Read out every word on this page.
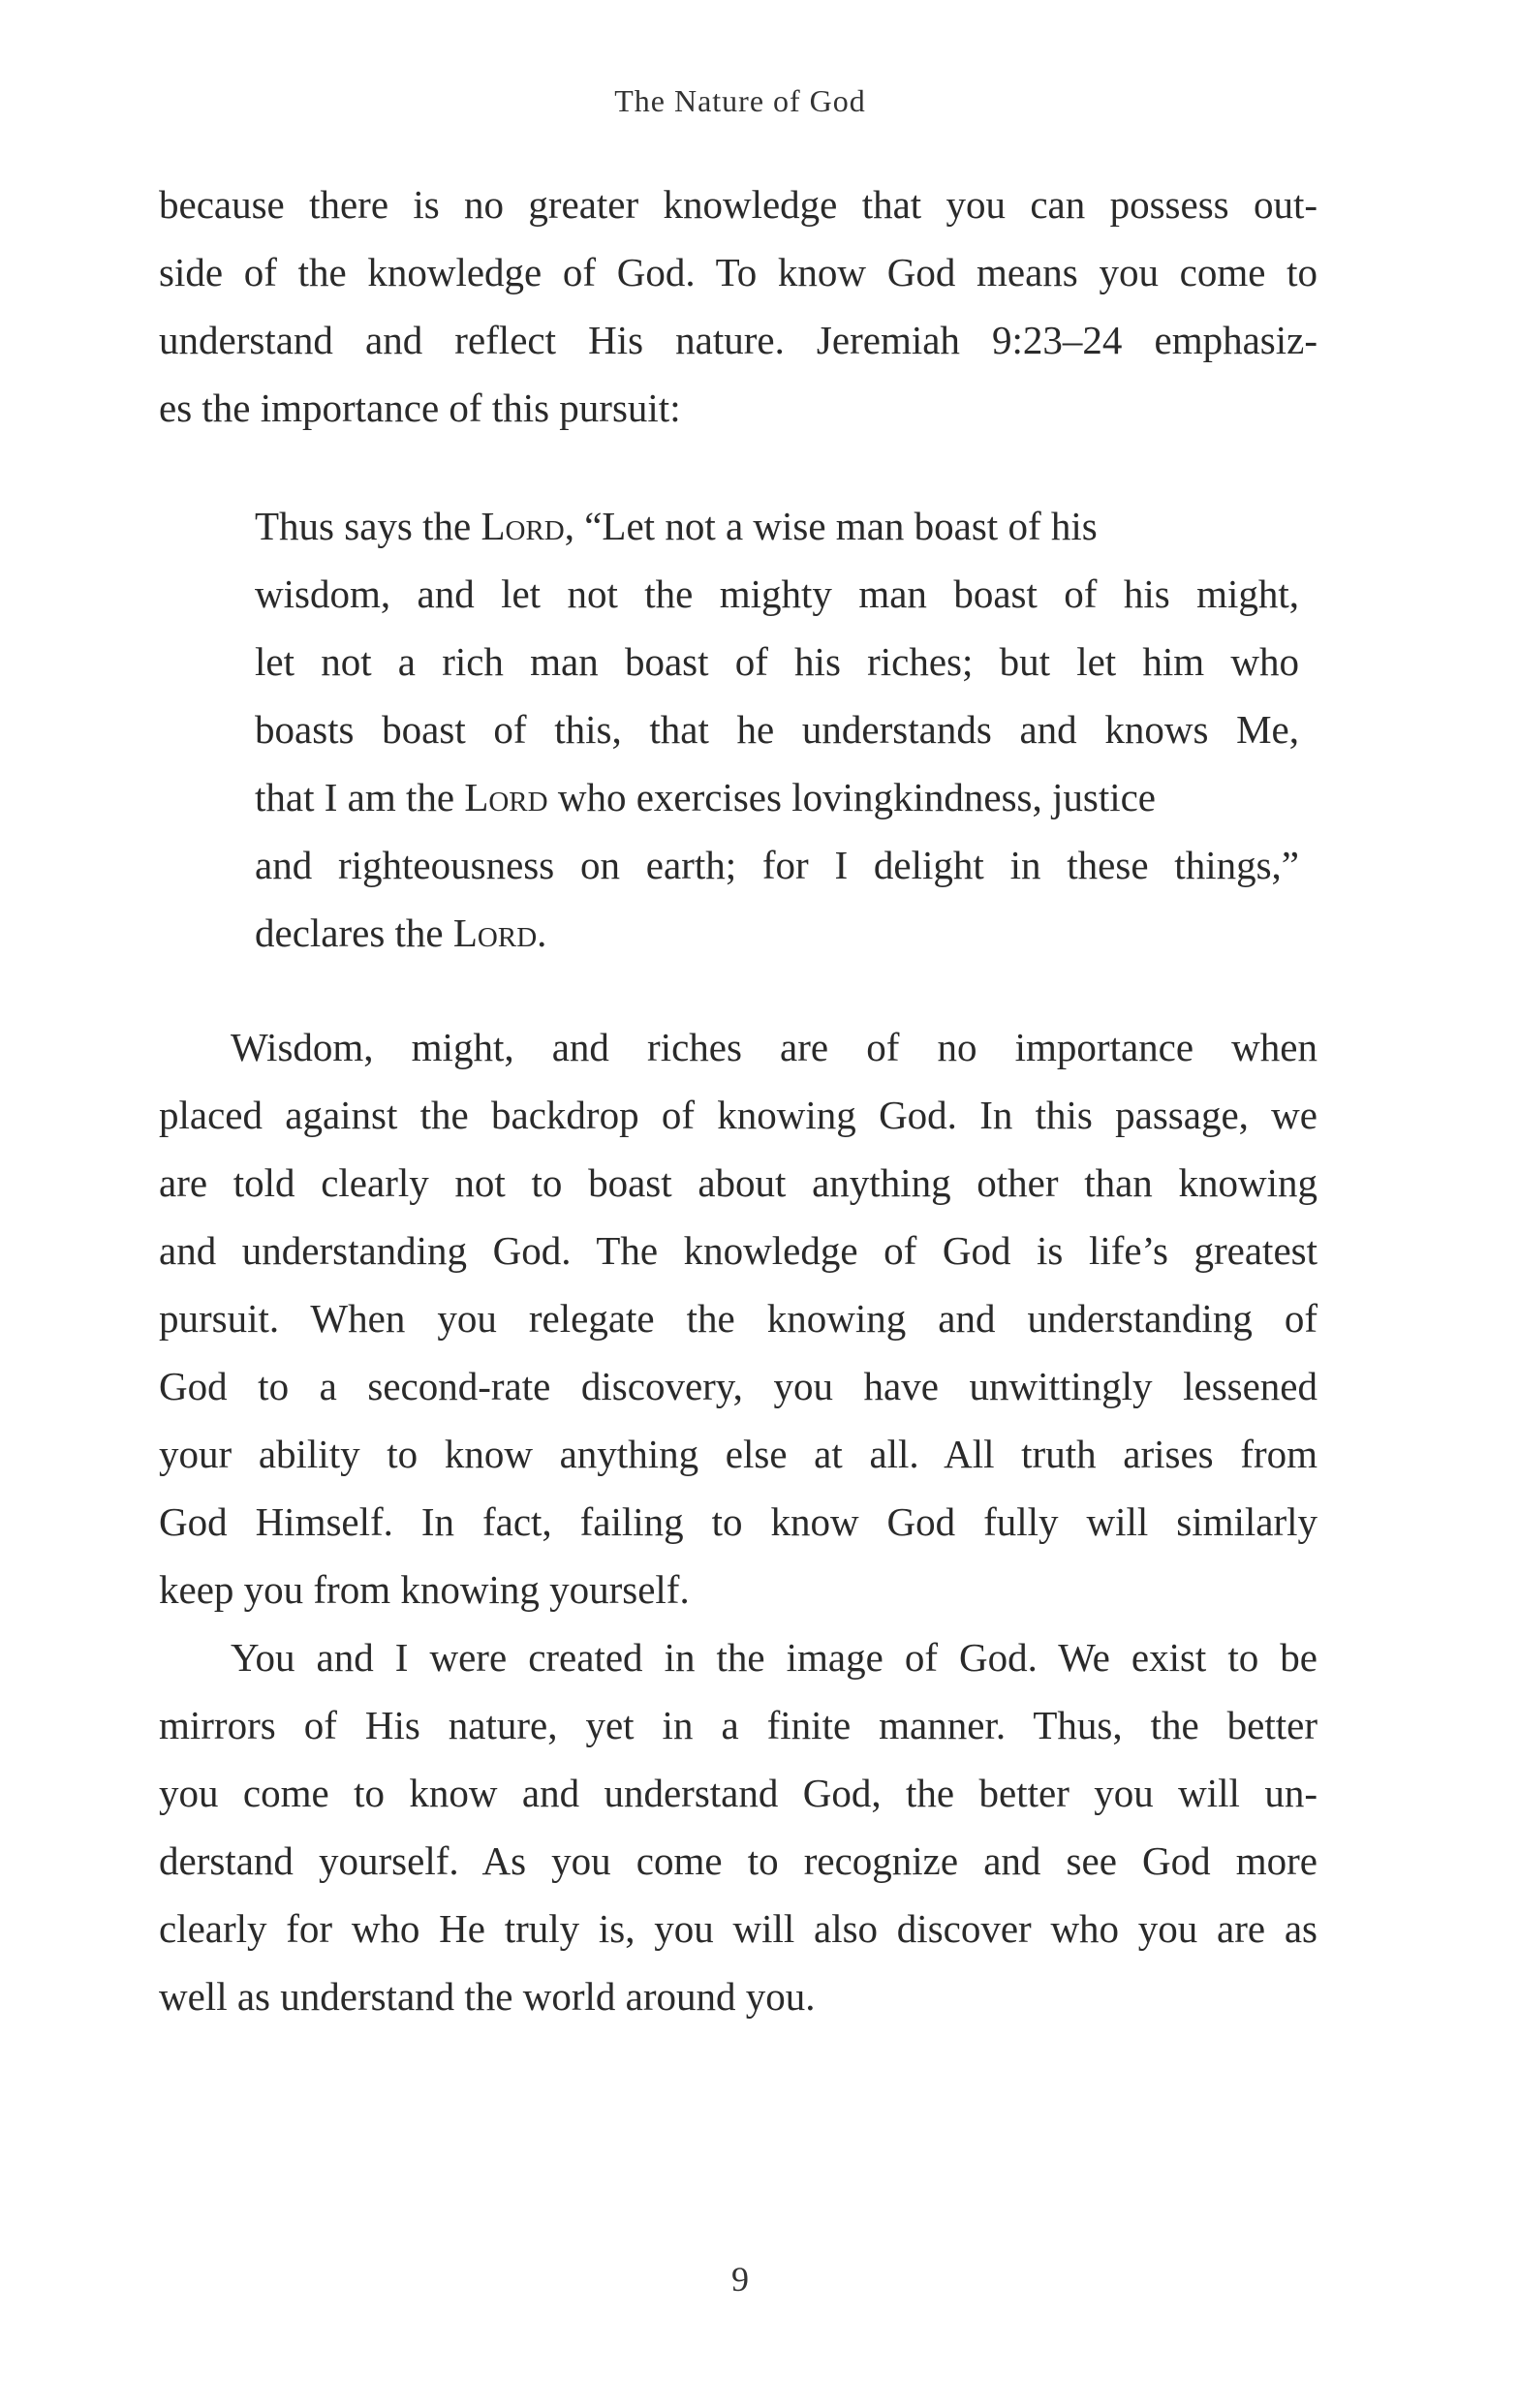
The Nature of God
because there is no greater knowledge that you can possess out-
side of the knowledge of God. To know God means you come to
understand and reflect His nature. Jeremiah 9:23–24 emphasiz-
es the importance of this pursuit:
Thus says the Lord, “Let not a wise man boast of his
wisdom, and let not the mighty man boast of his might,
let not a rich man boast of his riches; but let him who
boasts boast of this, that he understands and knows Me,
that I am the Lord who exercises lovingkindness, justice
and righteousness on earth; for I delight in these things,”
declares the Lord.
Wisdom, might, and riches are of no importance when
placed against the backdrop of knowing God. In this passage, we
are told clearly not to boast about anything other than knowing
and understanding God. The knowledge of God is life’s greatest
pursuit. When you relegate the knowing and understanding of
God to a second-rate discovery, you have unwittingly lessened
your ability to know anything else at all. All truth arises from
God Himself. In fact, failing to know God fully will similarly
keep you from knowing yourself.
You and I were created in the image of God. We exist to be
mirrors of His nature, yet in a finite manner. Thus, the better
you come to know and understand God, the better you will un-
derstand yourself. As you come to recognize and see God more
clearly for who He truly is, you will also discover who you are as
well as understand the world around you.
9
